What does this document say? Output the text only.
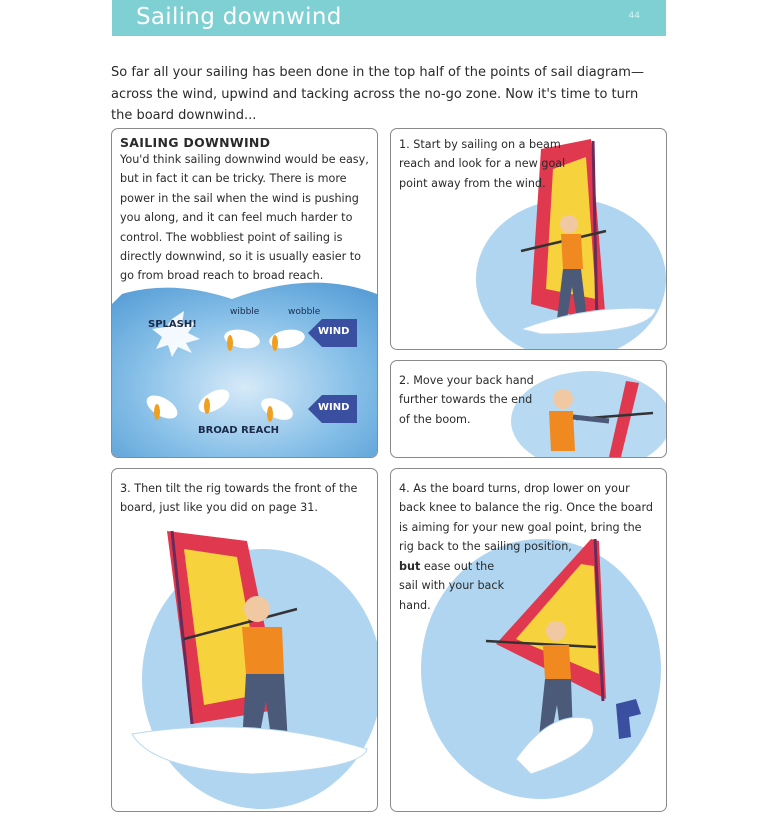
Sailing downwind	44

So far all your sailing has been done in the top half of the points of sail diagram—across the wind, upwind and tacking across the no-go zone. Now it's time to turn the board downwind...

SAILING DOWNWIND

You'd think sailing downwind would be easy, but in fact it can be tricky. There is more power in the sail when the wind is pushing you along, and it can feel much harder to control. The wobbliest point of sailing is directly downwind, so it is usually easier to go from broad reach to broad reach.

SPLASH!
wibble	wobble
WIND
WIND
BROAD REACH

1. Start by sailing on a beam reach and look for a new goal point away from the wind.

2. Move your back hand further towards the end of the boom.

3. Then tilt the rig towards the front of the board, just like you did on page 31.

4. As the board turns, drop lower on your back knee to balance the rig. Once the board is aiming for your new goal point, bring the rig back to the sailing position,

but ease out the sail with your back hand.
